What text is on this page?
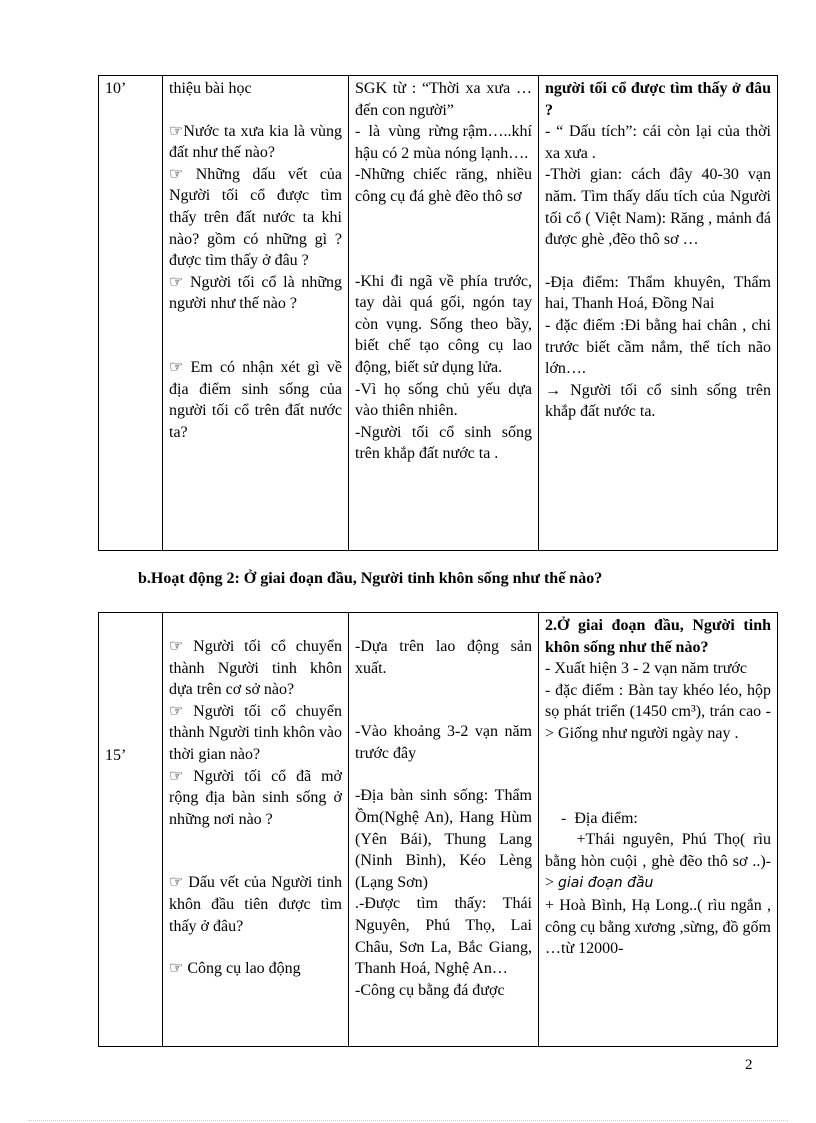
10’	thiệu bài học
☞Nước ta xưa kia là vùng đất như thế nào?
☞ Những dấu vết của Người tối cổ được tìm thấy trên đất nước ta khi nào? gồm có những gì ? được tìm thấy ở đâu ?
☞ Người tối cổ là những người như thế nào ?
☞ Em có nhận xét gì về địa điểm sinh sống của người tối cổ trên đất nước ta?
SGK từ : “Thời xa xưa … đến con người”
-  là  vùng  rừng rậm…..khí hậu có 2 mùa nóng lạnh….
-Những chiếc răng, nhiều công cụ đá ghè đẽo thô sơ
-Khi đi ngã về phía trước, tay dài quá gối, ngón tay còn vụng. Sống theo bầy, biết chế tạo công cụ lao động, biết sử dụng lửa.
-Vì họ sống chủ yếu dựa vào thiên nhiên.
-Người tối cổ sinh sống trên khắp đất nước ta .
người tối cổ được tìm thấy ở đâu ?
- “ Dấu tích”: cái còn lại của thời xa xưa .
-Thời gian: cách đây 40-30 vạn năm. Tìm thấy dấu tích của Người tối cổ ( Việt Nam): Răng , mảnh đá được ghè ,đẽo thô sơ …
-Địa điểm: Thẩm khuyên, Thẩm hai, Thanh Hoá, Đồng Nai
- đặc điểm :Đi bằng hai chân , chi trước biết cầm nắm, thể tích não lớn….
→ Người tối cổ sinh sống trên khắp đất nước ta.
b.Hoạt động 2: Ở giai đoạn đầu, Người tinh khôn sống như thế nào?
15’
☞ Người tối cổ chuyển thành Người tinh khôn dựa trên cơ sở nào?
☞ Người tối cổ chuyển thành Người tinh khôn vào thời gian nào?
☞ Người tối cổ đã mở rộng địa bàn sinh sống ở những nơi nào ?
☞ Dấu vết của Người tinh khôn đầu tiên được tìm thấy ở đâu?
☞ Công cụ lao động
-Dựa trên lao động sản xuất.
-Vào khoảng 3-2 vạn năm trước đây
-Địa bàn sinh sống: Thẩm Ồm(Nghệ An), Hang Hùm (Yên Bái), Thung Lang (Ninh Bình), Kéo Lèng (Lạng Sơn)
.-Được tìm thấy: Thái Nguyên, Phú Thọ, Lai Châu, Sơn La, Bắc Giang, Thanh Hoá, Nghệ An…
-Công cụ bằng đá được
2.Ở giai đoạn đầu, Người tinh khôn sống như thế nào?
- Xuất hiện 3 - 2 vạn năm trước
- đặc điểm : Bàn tay khéo léo, hộp sọ phát triển (1450 cm³), trán cao -> Giống như người ngày nay .
-  Địa điểm:
+Thái nguyên, Phú Thọ( rìu bằng hòn cuội , ghè đẽo thô sơ ..)-> giai đoạn đầu
+ Hoà Bình, Hạ Long..( rìu ngắn , công cụ bằng xương ,sừng, đồ gốm …từ 12000-
2
